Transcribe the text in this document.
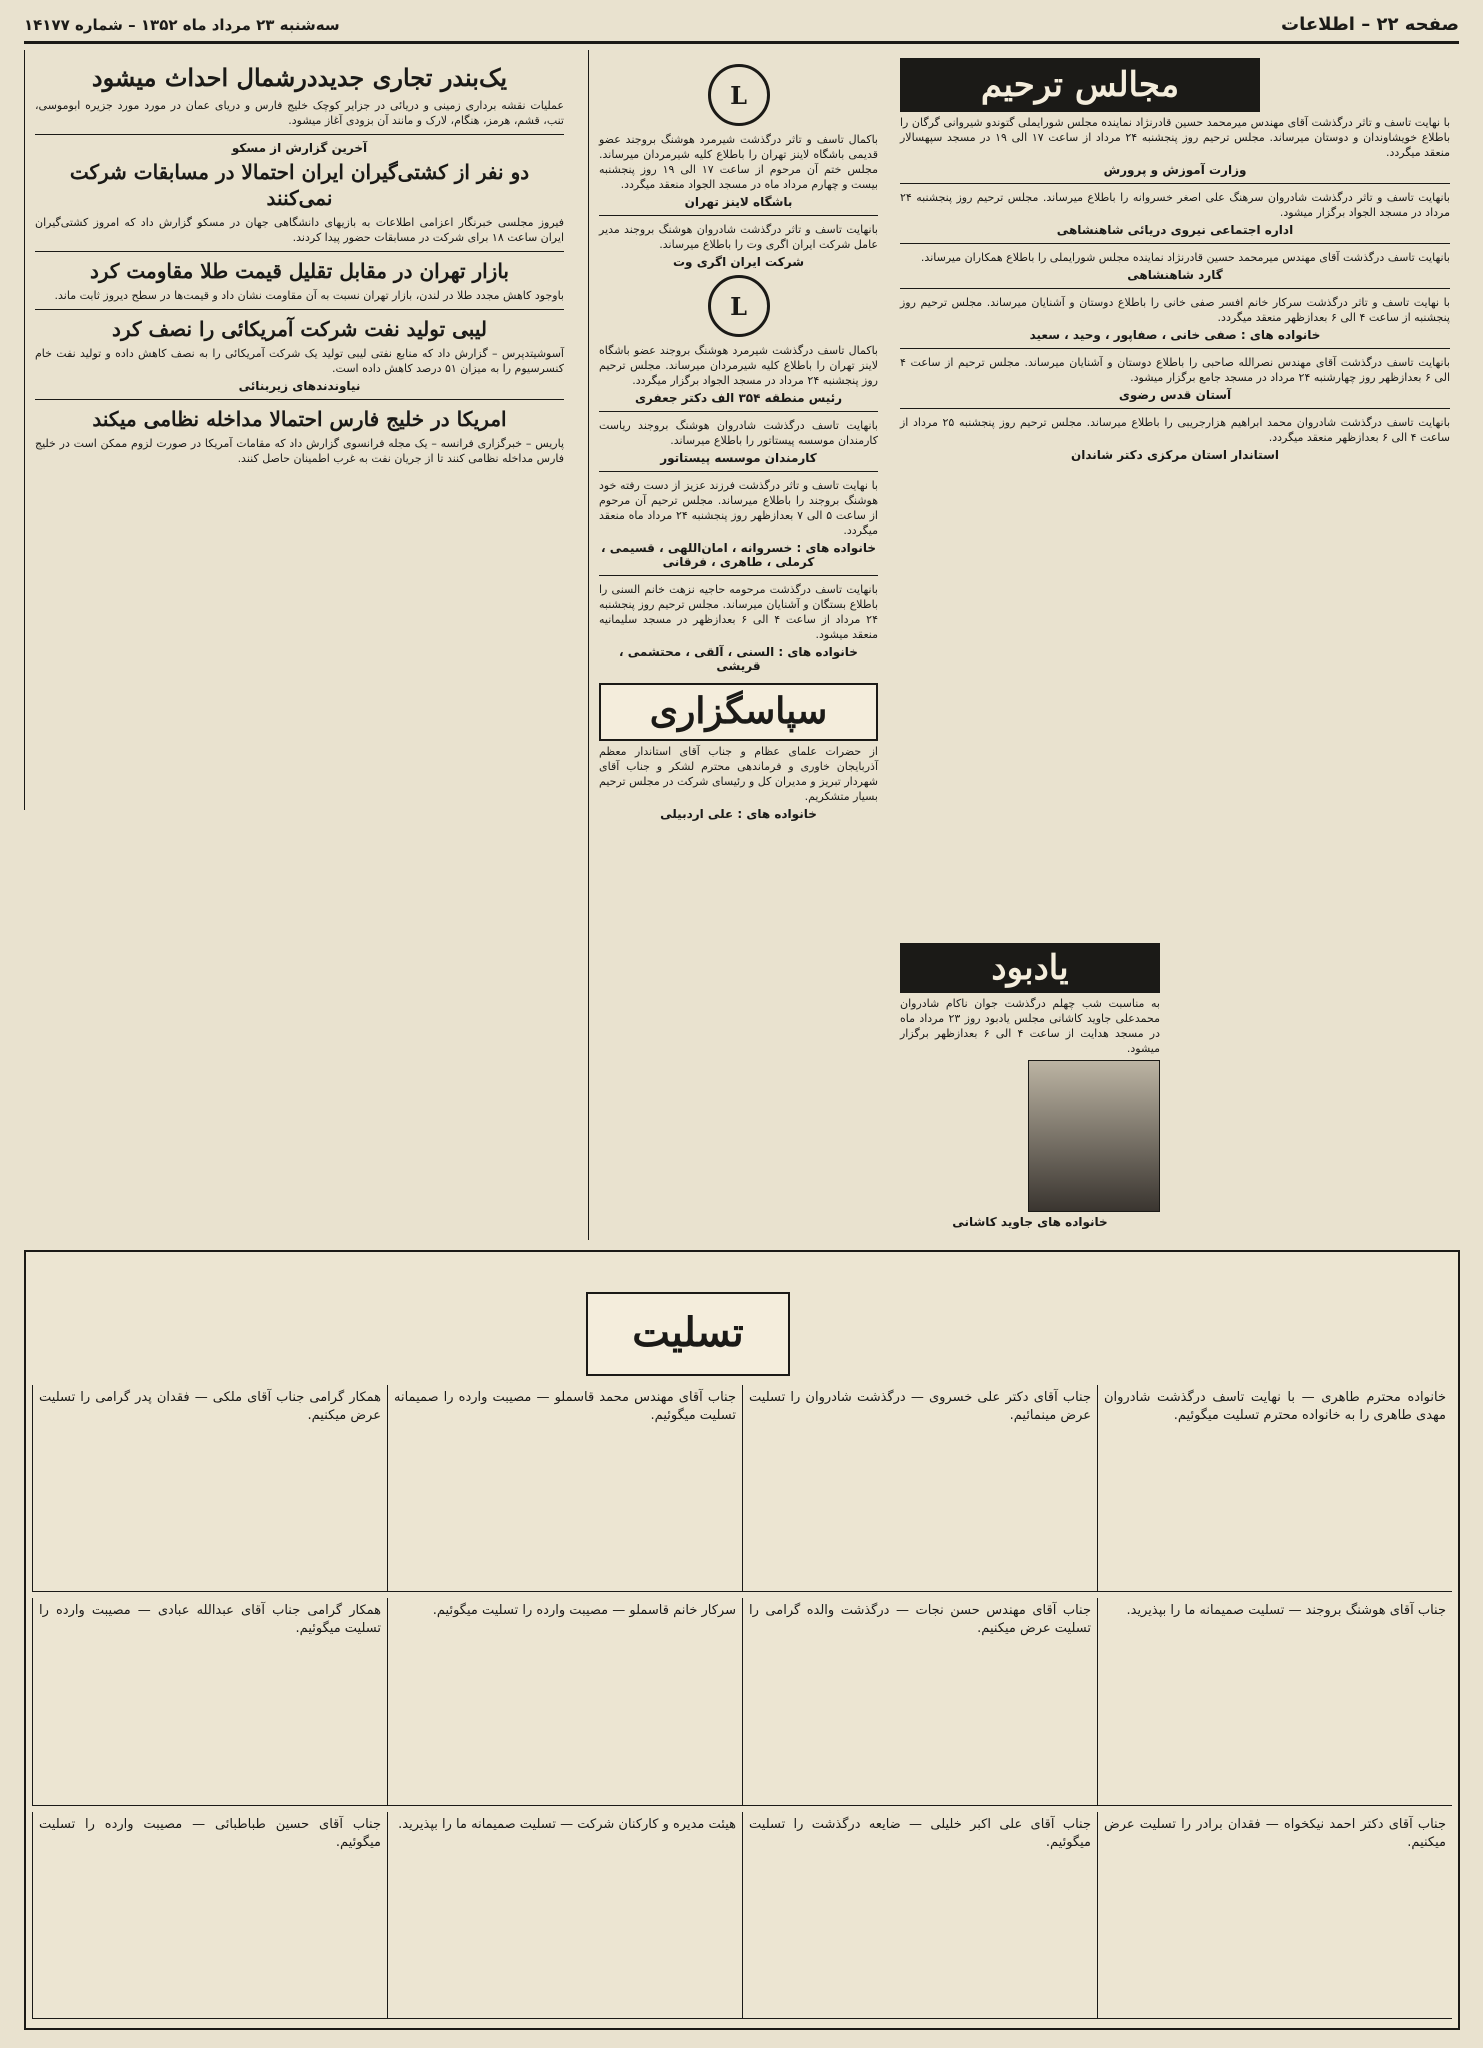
صفحه ۲۲ – اطلاعات
سه‌شنبه ۲۳ مرداد ماه ۱۳۵۲ – شماره ۱۴۱۷۷
یک‌بندر تجاری جدیددرشمال احداث میشود

عملیات نقشه برداری زمینی و دریائی در جزایر کوچک خلیج فارس و دریای عمان در مورد مورد جزیره ابوموسی، تنب، قشم، هرمز، هنگام، لارک و مانند آن بزودی آغاز میشود.

آخرین گزارش از مسکو

دو نفر از کشتی‌گیران ایران احتمالا در مسابقات شرکت نمی‌کنند

فیروز مجلسی خبرنگار اعزامی اطلاعات به بازیهای دانشگاهی جهان در مسکو گزارش داد که امروز کشتی‌گیران ایران ساعت ۱۸ برای شرکت در مسابقات حضور پیدا کردند.

بازار تهران در مقابل تقلیل قیمت طلا مقاومت کرد

باوجود کاهش مجدد طلا در لندن، بازار تهران نسبت به آن مقاومت نشان داد و قیمت‌ها در سطح دیروز ثابت ماند.

لیبی تولید نفت شرکت آمریکائی را نصف کرد

آسوشیتدپرس – گزارش داد که منابع نفتی لیبی تولید یک شرکت آمریکائی را به نصف کاهش داده و تولید نفت خام کنسرسیوم را به میزان ۵۱ درصد کاهش داده است.

نیاوندندهای زیربنائی

امریکا در خلیج فارس احتمالا مداخله نظامی میکند

پاریس – خبرگزاری فرانسه – یک مجله فرانسوی گزارش داد که مقامات آمریکا در صورت لزوم ممکن است در خلیج فارس مداخله نظامی کنند تا از جریان نفت به غرب اطمینان حاصل کنند.

L

باکمال تاسف و تاثر درگذشت شیرمرد هوشنگ بروجند عضو قدیمی باشگاه لاینز تهران را باطلاع کلیه شیرمردان میرساند. مجلس ختم آن مرحوم از ساعت ۱۷ الی ۱۹ روز پنجشنبه بیست و چهارم مرداد ماه در مسجد الجواد منعقد میگردد.

باشگاه لاینز تهران

بانهایت تاسف و تاثر درگذشت شادروان هوشنگ بروجند مدیر عامل شرکت ایران اگری وت را باطلاع میرساند.

شرکت ایران اگری وت

L

باکمال تاسف درگذشت شیرمرد هوشنگ بروجند عضو باشگاه لاینز تهران را باطلاع کلیه شیرمردان میرساند. مجلس ترحیم روز پنجشنبه ۲۴ مرداد در مسجد الجواد برگزار میگردد.

رئیس منطقه ۳۵۴ الف دکتر جعفری

بانهایت تاسف درگذشت شادروان هوشنگ بروجند ریاست کارمندان موسسه پیستاتور را باطلاع میرساند.

کارمندان موسسه پیستاتور

با نهایت تاسف و تاثر درگذشت فرزند عزیز از دست رفته خود هوشنگ بروجند را باطلاع میرساند. مجلس ترحیم آن مرحوم از ساعت ۵ الی ۷ بعدازظهر روز پنجشنبه ۲۴ مرداد ماه منعقد میگردد.

خانواده های : خسروانه ، امان‌اللهی ، قسیمی ، کرملی ، طاهری ، فرقانی

بانهایت تاسف درگذشت مرحومه حاجیه نزهت خانم السنی را باطلاع بستگان و آشنایان میرساند. مجلس ترحیم روز پنجشنبه ۲۴ مرداد از ساعت ۴ الی ۶ بعدازظهر در مسجد سلیمانیه منعقد میشود.

خانواده های : السنی ، آلقی ، محتشمی ، قریشی

سپاسگزاری

از حضرات علمای عظام و جناب آقای استاندار معظم آذربایجان خاوری و فرماندهی محترم لشکر و جناب آقای شهردار تبریز و مدیران کل و رئیسای شرکت در مجلس ترحیم بسیار متشکریم.

خانواده های : علی اردبیلی

یادبود

به مناسبت شب چهلم درگذشت جوان ناکام شادروان محمدعلی جاوید کاشانی مجلس یادبود روز ۲۳ مرداد ماه در مسجد هدایت از ساعت ۴ الی ۶ بعدازظهر برگزار میشود.

خانواده های جاوید کاشانی

مجالس ترحیم

با نهایت تاسف و تاثر درگذشت آقای مهندس میرمحمد حسین قادرنژاد نماینده مجلس شورایملی گتوندو شیروانی گرگان را باطلاع خویشاوندان و دوستان میرساند. مجلس ترحیم روز پنجشنبه ۲۴ مرداد از ساعت ۱۷ الی ۱۹ در مسجد سپهسالار منعقد میگردد.

وزارت آموزش و پرورش

بانهایت تاسف و تاثر درگذشت شادروان سرهنگ علی اصغر خسروانه را باطلاع میرساند. مجلس ترحیم روز پنجشنبه ۲۴ مرداد در مسجد الجواد برگزار میشود.

اداره اجتماعی نیروی دریائی شاهنشاهی

بانهایت تاسف درگذشت آقای مهندس میرمحمد حسین قادرنژاد نماینده مجلس شورایملی را باطلاع همکاران میرساند.

گارد شاهنشاهی

با نهایت تاسف و تاثر درگذشت سرکار خانم افسر صفی خانی را باطلاع دوستان و آشنایان میرساند. مجلس ترحیم روز پنجشنبه از ساعت ۴ الی ۶ بعدازظهر منعقد میگردد.

خانواده های : صفی خانی ، صفاپور ، وحید ، سعید

بانهایت تاسف درگذشت آقای مهندس نصرالله صاحبی را باطلاع دوستان و آشنایان میرساند. مجلس ترحیم از ساعت ۴ الی ۶ بعدازظهر روز چهارشنبه ۲۴ مرداد در مسجد جامع برگزار میشود.

آستان قدس رضوی

بانهایت تاسف درگذشت شادروان محمد ابراهیم هزارجریبی را باطلاع میرساند. مجلس ترحیم روز پنجشنبه ۲۵ مرداد از ساعت ۴ الی ۶ بعدازظهر منعقد میگردد.

استاندار استان مرکزی دکتر شاندان

تسلیت
خانواده محترم طاهری — با نهایت تاسف درگذشت شادروان مهدی طاهری را به خانواده محترم تسلیت میگوئیم.
جناب آقای دکتر علی خسروی — درگذشت شادروان را تسلیت عرض مینمائیم.
جناب آقای مهندس محمد قاسملو — مصیبت وارده را صمیمانه تسلیت میگوئیم.
همکار گرامی جناب آقای ملکی — فقدان پدر گرامی را تسلیت عرض میکنیم.
جناب آقای هوشنگ بروجند — تسلیت صمیمانه ما را بپذیرید.
جناب آقای مهندس حسن نجات — درگذشت والده گرامی را تسلیت عرض میکنیم.
سرکار خانم قاسملو — مصیبت وارده را تسلیت میگوئیم.
همکار گرامی جناب آقای عبدالله عبادی — مصیبت وارده را تسلیت میگوئیم.
جناب آقای دکتر احمد نیکخواه — فقدان برادر را تسلیت عرض میکنیم.
جناب آقای علی اکبر خلیلی — ضایعه درگذشت را تسلیت میگوئیم.
هیئت مدیره و کارکنان شرکت — تسلیت صمیمانه ما را بپذیرید.
جناب آقای حسین طباطبائی — مصیبت وارده را تسلیت میگوئیم.
